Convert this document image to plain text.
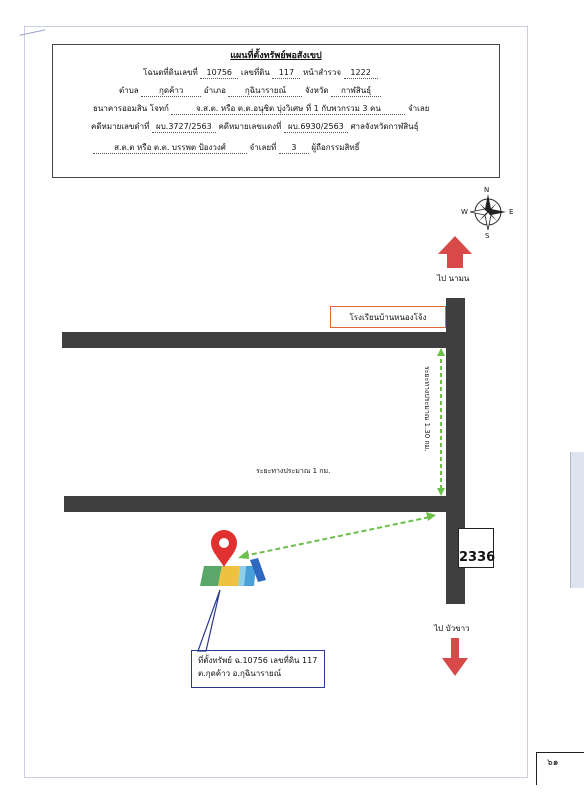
แผนที่ตั้งทรัพย์พอสังเขป
โฉนดที่ดินเลขที่ 10756 เลขที่ดิน 117 หน้าสำรวจ 1222
ตำบล	กุดค้าว	อำเภอ กุฉินารายณ์ จังหวัด กาฬสินธุ์
ธนาคารออมสิน โจทก์	จ.ส.ต. หรือ ต.ต.อนุชิต บุ่งวิเศษ ที่ 1 กับพวกรวม 3 คน	จำเลย
คดีหมายเลขดำที่ ผบ.3727/2563 คดีหมายเลขแดงที่ ผบ.6930/2563 ศาลจังหวัดกาฬสินธุ์
ส.ต.ต หรือ ต.ต. บรรพต ป้องวงศ์	จำเลยที่ 3 ผู้ถือกรรมสิทธิ์
N
S
E
W
ไป นามน
ไป บัวขาว
โรงเรียนบ้านหนองโจ้ง
ระยะทางประมาณ 1.30 กม.
ระยะทางประมาณ 1 กม.
2336
ที่ตั้งทรัพย์ ฉ.10756 เลขที่ดิน 117
ต.กุดค้าว อ.กุฉินารายณ์
๖๑
